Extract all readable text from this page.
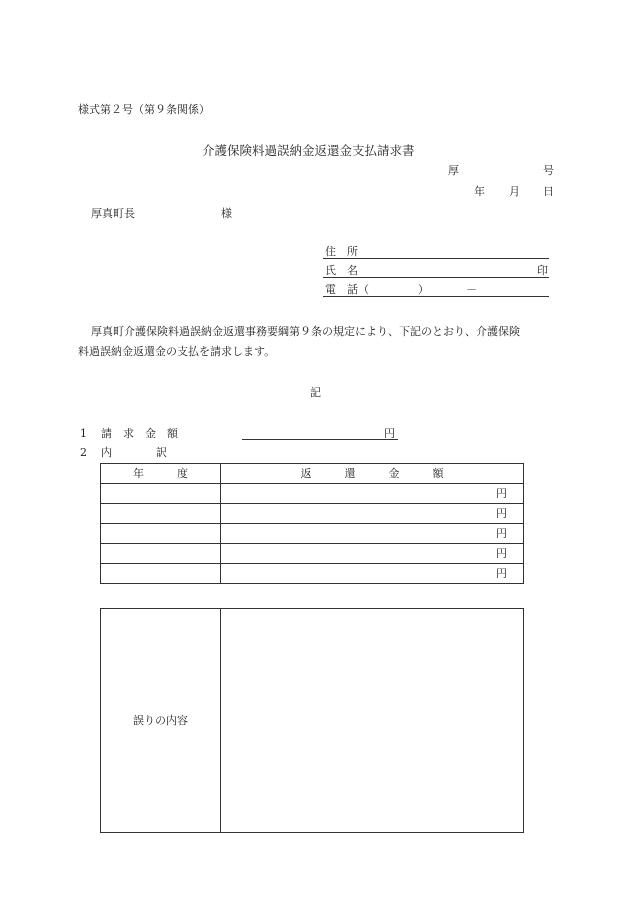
様式第２号（第９条関係）
介護保険料過誤納金返還金支払請求書
厚	号
年 月 日
厚真町長	様
住　所
氏　名	印
電　話（	）	－
厚真町介護保険料過誤納金返還事務要綱第９条の規定により、下記のとおり、介護保険
料過誤納金返還金の支払を請求します。
記
1 請　求　金　額	円
2 内　　　　訳
年　　　度	返　　　還　　　金　　　額
	円
	円
	円
	円
	円
誤りの内容	
